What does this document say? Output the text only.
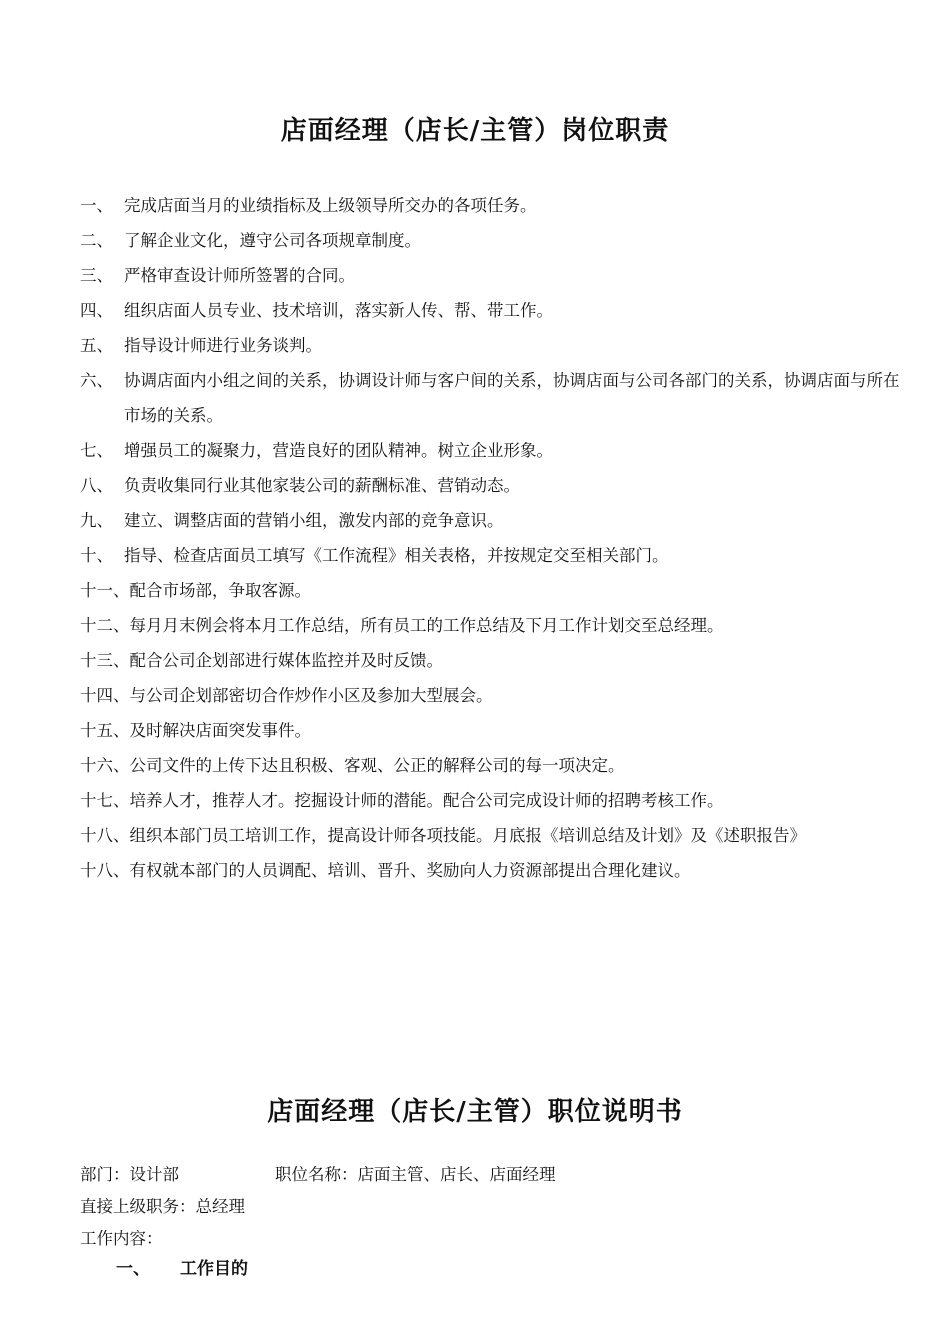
店面经理（店长/主管）岗位职责
一、 完成店面当月的业绩指标及上级领导所交办的各项任务。
二、 了解企业文化，遵守公司各项规章制度。
三、 严格审查设计师所签署的合同。
四、 组织店面人员专业、技术培训，落实新人传、帮、带工作。
五、 指导设计师进行业务谈判。
六、 协调店面内小组之间的关系，协调设计师与客户间的关系，协调店面与公司各部门的关系，协调店面与所在市场的关系。
七、 增强员工的凝聚力，营造良好的团队精神。树立企业形象。
八、 负责收集同行业其他家装公司的薪酬标准、营销动态。
九、 建立、调整店面的营销小组，激发内部的竞争意识。
十、 指导、检查店面员工填写《工作流程》相关表格，并按规定交至相关部门。
十一、 配合市场部，争取客源。
十二、 每月月末例会将本月工作总结，所有员工的工作总结及下月工作计划交至总经理。
十三、 配合公司企划部进行媒体监控并及时反馈。
十四、 与公司企划部密切合作炒作小区及参加大型展会。
十五、 及时解决店面突发事件。
十六、 公司文件的上传下达且积极、客观、公正的解释公司的每一项决定。
十七、 培养人才，推荐人才。挖掘设计师的潜能。配合公司完成设计师的招聘考核工作。
十八、组织本部门员工培训工作，提高设计师各项技能。月底报《培训总结及计划》及《述职报告》
十八、 有权就本部门的人员调配、培训、晋升、奖励向人力资源部提出合理化建议。
店面经理（店长/主管）职位说明书
部门：设计部	职位名称：店面主管、店长、店面经理
直接上级职务：总经理
工作内容：
一、 工作目的
